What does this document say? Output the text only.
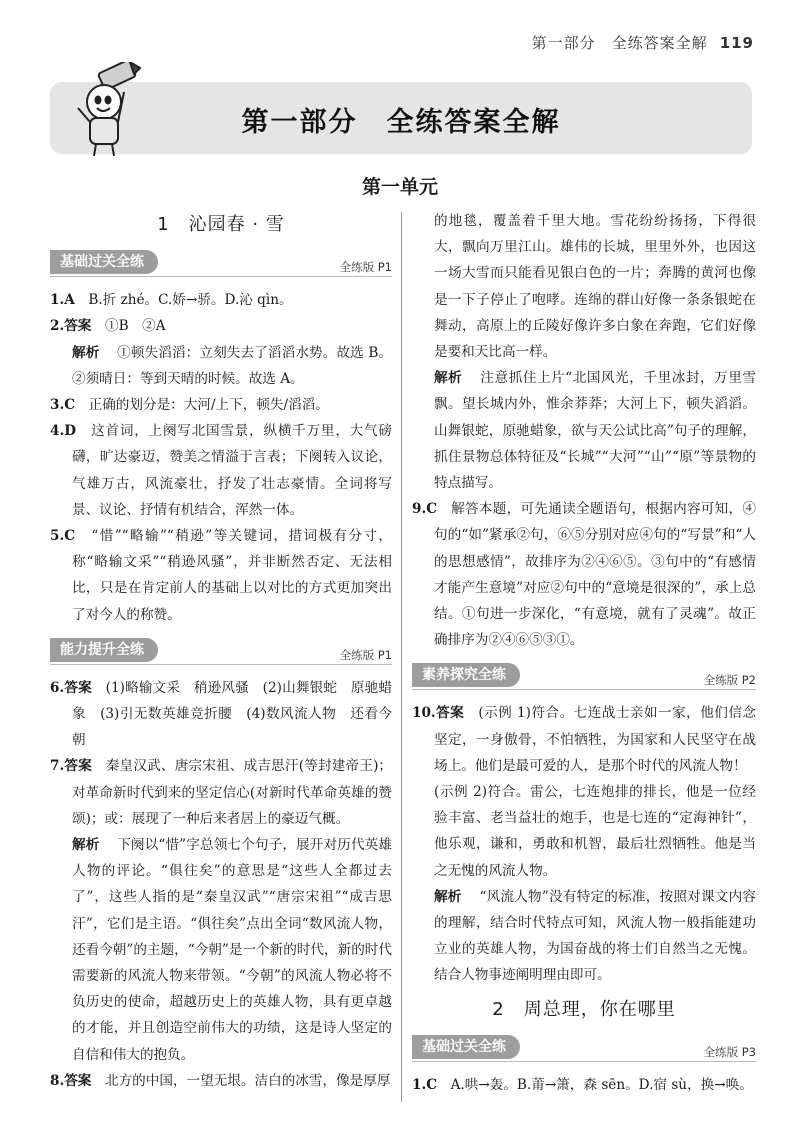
第一部分　全练答案全解 119
第一部分　全练答案全解
第一单元
1　沁园春 · 雪
基础过关全练	全练版 P1
1.A　 B.折 zhé。C.娇→骄。D.沁 qìn。
2.答案　 ①B　②A
解析　 ①顿失滔滔：立刻失去了滔滔水势。故选 B。②须晴日：等到天晴的时候。故选 A。
3.C　 正确的划分是：大河/上下，顿失/滔滔。
4.D　 这首词，上阕写北国雪景，纵横千万里，大气磅礴，旷达豪迈，赞美之情溢于言表；下阕转入议论，气雄万古，风流豪壮，抒发了壮志豪情。全词将写景、议论、抒情有机结合，浑然一体。
5.C　 “惜”“略输”“稍逊”等关键词，措词极有分寸，称“略输文采”“稍逊风骚”，并非断然否定、无法相比，只是在肯定前人的基础上以对比的方式更加突出了对今人的称赞。
能力提升全练	全练版 P1
6.答案　 (1)略输文采　稍逊风骚　(2)山舞银蛇　原驰蜡象　(3)引无数英雄竞折腰　(4)数风流人物　还看今朝
7.答案　 秦皇汉武、唐宗宋祖、成吉思汗(等封建帝王)；对革命新时代到来的坚定信心(对新时代革命英雄的赞颂)；或：展现了一种后来者居上的豪迈气概。
解析　 下阕以“惜”字总领七个句子，展开对历代英雄人物的评论。“俱往矣”的意思是“这些人全都过去了”，这些人指的是“秦皇汉武”“唐宗宋祖”“成吉思汗”，它们是主语。“俱往矣”点出全词“数风流人物，还看今朝”的主题，“今朝”是一个新的时代，新的时代需要新的风流人物来带领。“今朝”的风流人物必将不负历史的使命，超越历史上的英雄人物，具有更卓越的才能，并且创造空前伟大的功绩，这是诗人坚定的自信和伟大的抱负。
8.答案　 北方的中国，一望无垠。洁白的冰雪，像是厚厚
的地毯，覆盖着千里大地。雪花纷纷扬扬，下得很大，飘向万里江山。雄伟的长城，里里外外，也因这一场大雪而只能看见银白色的一片；奔腾的黄河也像是一下子停止了咆哮。连绵的群山好像一条条银蛇在舞动，高原上的丘陵好像许多白象在奔跑，它们好像是要和天比高一样。
解析　 注意抓住上片“北国风光，千里冰封，万里雪飘。望长城内外，惟余莽莽；大河上下，顿失滔滔。山舞银蛇，原驰蜡象，欲与天公试比高”句子的理解，抓住景物总体特征及“长城”“大河”“山”“原”等景物的特点描写。
9.C　 解答本题，可先通读全题语句，根据内容可知，④句的“如”紧承②句，⑥⑤分别对应④句的“写景”和“人的思想感情”，故排序为②④⑥⑤。③句中的“有感情才能产生意境”对应②句中的“意境是很深的”，承上总结。①句进一步深化，“有意境，就有了灵魂”。故正确排序为②④⑥⑤③①。
素养探究全练	全练版 P2
10.答案　 (示例 1)符合。七连战士亲如一家，他们信念坚定，一身傲骨，不怕牺牲，为国家和人民坚守在战场上。他们是最可爱的人，是那个时代的风流人物！
(示例 2)符合。雷公，七连炮排的排长，他是一位经验丰富、老当益壮的炮手，也是七连的“定海神针”，他乐观，谦和，勇敢和机智，最后壮烈牺牲。他是当之无愧的风流人物。
解析　 “风流人物”没有特定的标准，按照对课文内容的理解，结合时代特点可知，风流人物一般指能建功立业的英雄人物，为国奋战的将士们自然当之无愧。结合人物事迹阐明理由即可。
2　周总理，你在哪里
基础过关全练	全练版 P3
1.C　 A.哄→轰。B.莆→箫，森 sēn。D.宿 sù，换→唤。
